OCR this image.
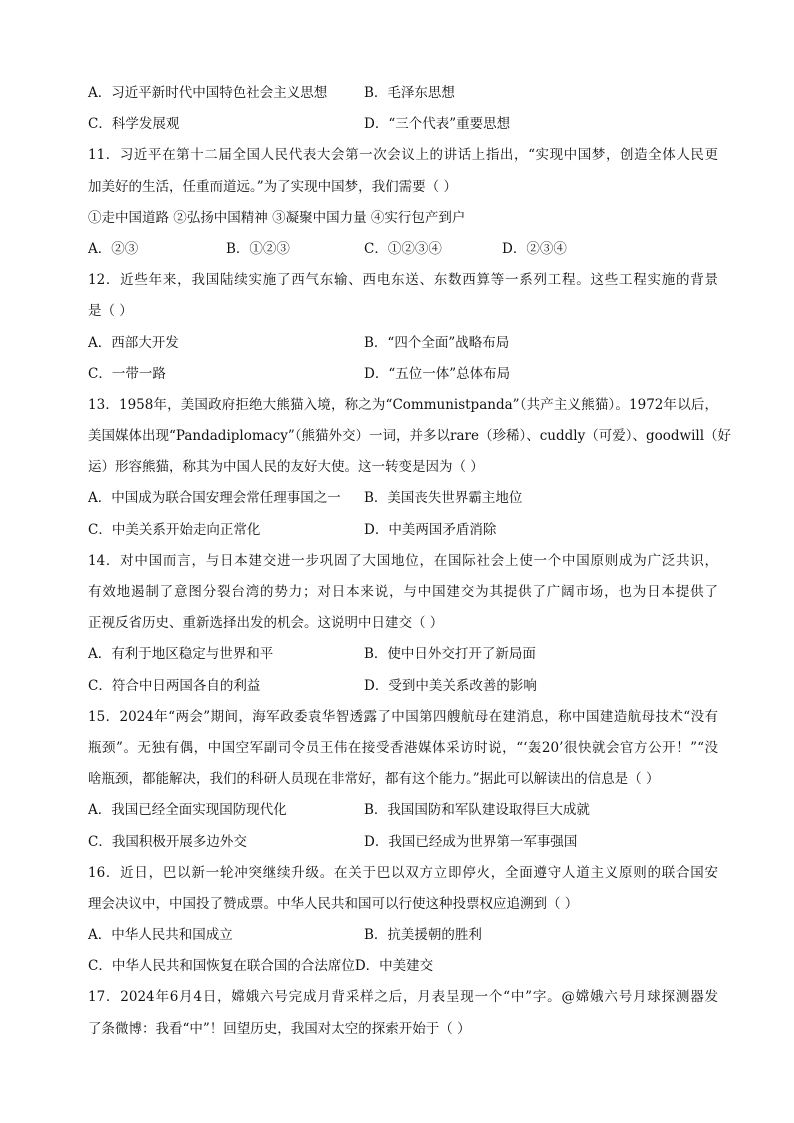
A．习近平新时代中国特色社会主义思想	B．毛泽东思想
C．科学发展观	D．“三个代表”重要思想
11．习近平在第十二届全国人民代表大会第一次会议上的讲话上指出，“实现中国梦，创造全体人民更
加美好的生活，任重而道远。”为了实现中国梦，我们需要（ ）
①走中国道路 ②弘扬中国精神 ③凝聚中国力量 ④实行包产到户
A．②③	B．①②③	C．①②③④	D．②③④
12．近些年来，我国陆续实施了西气东输、西电东送、东数西算等一系列工程。这些工程实施的背景
是（ ）
A．西部大开发	B．“四个全面”战略布局
C．一带一路	D．“五位一体”总体布局
13．1958年，美国政府拒绝大熊猫入境，称之为“Communistpanda”（共产主义熊猫）。1972年以后，
美国媒体出现“Pandadiplomacy”（熊猫外交）一词，并多以rare（珍稀）、cuddly（可爱）、goodwill（好
运）形容熊猫，称其为中国人民的友好大使。这一转变是因为（ ）
A．中国成为联合国安理会常任理事国之一 B．美国丧失世界霸主地位
C．中美关系开始走向正常化	D．中美两国矛盾消除
14．对中国而言，与日本建交进一步巩固了大国地位，在国际社会上使一个中国原则成为广泛共识，
有效地遏制了意图分裂台湾的势力；对日本来说，与中国建交为其提供了广阔市场，也为日本提供了
正视反省历史、重新选择出发的机会。这说明中日建交（ ）
A．有利于地区稳定与世界和平	B．使中日外交打开了新局面
C．符合中日两国各自的利益	D．受到中美关系改善的影响
15．2024年“两会”期间，海军政委袁华智透露了中国第四艘航母在建消息，称中国建造航母技术“没有
瓶颈”。无独有偶，中国空军副司令员王伟在接受香港媒体采访时说，“‘轰20’很快就会官方公开！”“没
啥瓶颈，都能解决，我们的科研人员现在非常好，都有这个能力。”据此可以解读出的信息是（ ）
A．我国已经全面实现国防现代化	B．我国国防和军队建设取得巨大成就
C．我国积极开展多边外交	D．我国已经成为世界第一军事强国
16．近日，巴以新一轮冲突继续升级。在关于巴以双方立即停火，全面遵守人道主义原则的联合国安
理会决议中，中国投了赞成票。中华人民共和国可以行使这种投票权应追溯到（ ）
A．中华人民共和国成立	B．抗美援朝的胜利
C．中华人民共和国恢复在联合国的合法席位D．中美建交
17．2024年6月4日，嫦娥六号完成月背采样之后，月表呈现一个“中”字。@嫦娥六号月球探测器发
了条微博：我看“中”！回望历史，我国对太空的探索开始于（ ）
